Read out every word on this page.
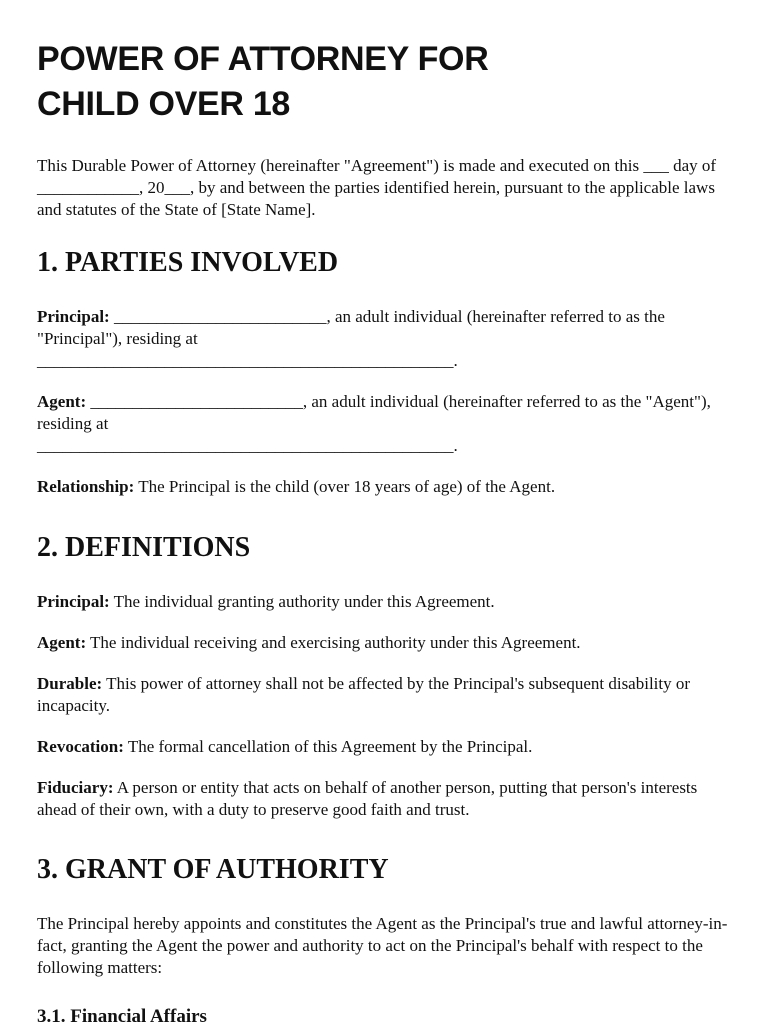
POWER OF ATTORNEY FOR
CHILD OVER 18

This Durable Power of Attorney (hereinafter "Agreement") is made and executed on this ___ day of ____________, 20___, by and between the parties identified herein, pursuant to the applicable laws and statutes of the State of [State Name].

1. PARTIES INVOLVED

Principal: _________________________, an adult individual (hereinafter referred to as the "Principal"), residing at
_________________________________________________.

Agent: _________________________, an adult individual (hereinafter referred to as the "Agent"), residing at
_________________________________________________.

Relationship: The Principal is the child (over 18 years of age) of the Agent.

2. DEFINITIONS

Principal: The individual granting authority under this Agreement.

Agent: The individual receiving and exercising authority under this Agreement.

Durable: This power of attorney shall not be affected by the Principal's subsequent disability or incapacity.

Revocation: The formal cancellation of this Agreement by the Principal.

Fiduciary: A person or entity that acts on behalf of another person, putting that person's interests ahead of their own, with a duty to preserve good faith and trust.

3. GRANT OF AUTHORITY

The Principal hereby appoints and constitutes the Agent as the Principal's true and lawful attorney-in-fact, granting the Agent the power and authority to act on the Principal's behalf with respect to the following matters:

3.1. Financial Affairs
